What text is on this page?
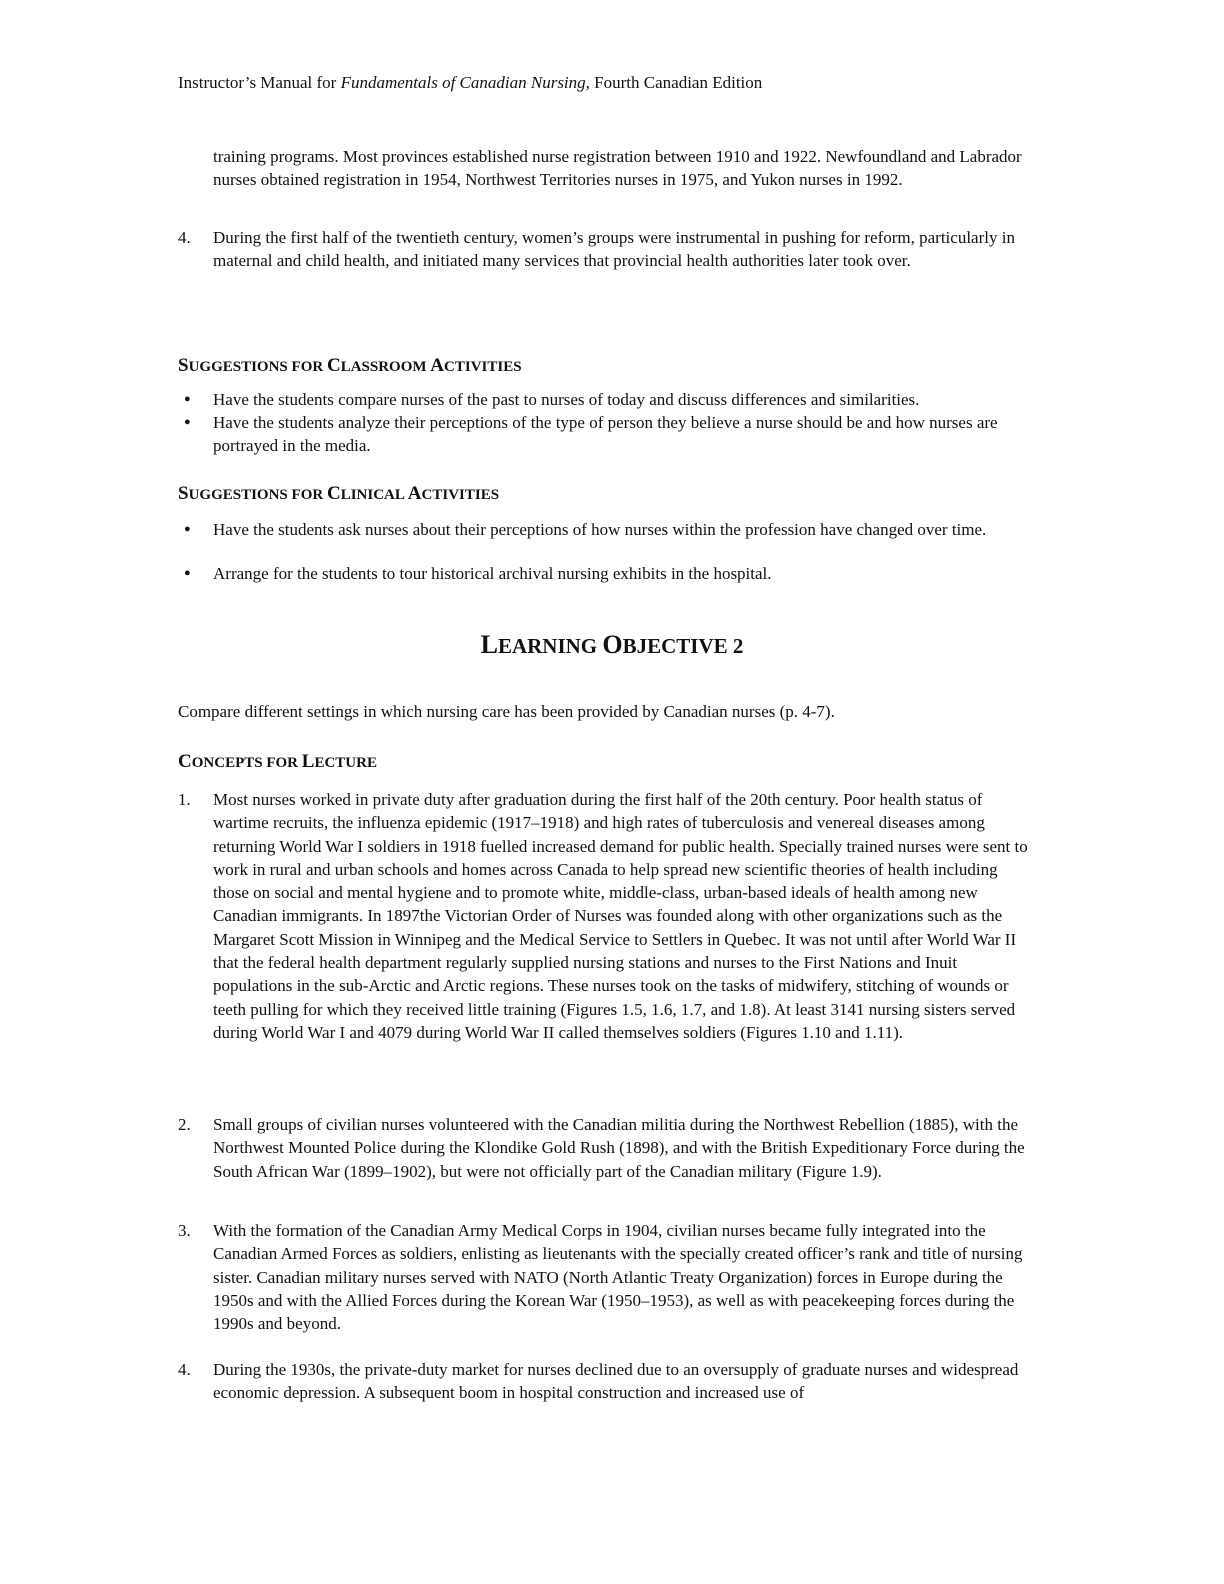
Instructor’s Manual for Fundamentals of Canadian Nursing, Fourth Canadian Edition
training programs. Most provinces established nurse registration between 1910 and 1922. Newfoundland and Labrador nurses obtained registration in 1954, Northwest Territories nurses in 1975, and Yukon nurses in 1992.
4. During the first half of the twentieth century, women’s groups were instrumental in pushing for reform, particularly in maternal and child health, and initiated many services that provincial health authorities later took over.
SUGGESTIONS FOR CLASSROOM ACTIVITIES
● Have the students compare nurses of the past to nurses of today and discuss differences and similarities.
● Have the students analyze their perceptions of the type of person they believe a nurse should be and how nurses are portrayed in the media.
SUGGESTIONS FOR CLINICAL ACTIVITIES
● Have the students ask nurses about their perceptions of how nurses within the profession have changed over time.
● Arrange for the students to tour historical archival nursing exhibits in the hospital.
LEARNING OBJECTIVE 2
Compare different settings in which nursing care has been provided by Canadian nurses (p. 4-7).
CONCEPTS FOR LECTURE
1. Most nurses worked in private duty after graduation during the first half of the 20th century. Poor health status of wartime recruits, the influenza epidemic (1917–1918) and high rates of tuberculosis and venereal diseases among returning World War I soldiers in 1918 fuelled increased demand for public health. Specially trained nurses were sent to work in rural and urban schools and homes across Canada to help spread new scientific theories of health including those on social and mental hygiene and to promote white, middle-class, urban-based ideals of health among new Canadian immigrants. In 1897the Victorian Order of Nurses was founded along with other organizations such as the Margaret Scott Mission in Winnipeg and the Medical Service to Settlers in Quebec. It was not until after World War II that the federal health department regularly supplied nursing stations and nurses to the First Nations and Inuit populations in the sub-Arctic and Arctic regions. These nurses took on the tasks of midwifery, stitching of wounds or teeth pulling for which they received little training (Figures 1.5, 1.6, 1.7, and 1.8). At least 3141 nursing sisters served during World War I and 4079 during World War II called themselves soldiers (Figures 1.10 and 1.11).
2. Small groups of civilian nurses volunteered with the Canadian militia during the Northwest Rebellion (1885), with the Northwest Mounted Police during the Klondike Gold Rush (1898), and with the British Expeditionary Force during the South African War (1899–1902), but were not officially part of the Canadian military (Figure 1.9).
3. With the formation of the Canadian Army Medical Corps in 1904, civilian nurses became fully integrated into the Canadian Armed Forces as soldiers, enlisting as lieutenants with the specially created officer’s rank and title of nursing sister. Canadian military nurses served with NATO (North Atlantic Treaty Organization) forces in Europe during the 1950s and with the Allied Forces during the Korean War (1950–1953), as well as with peacekeeping forces during the 1990s and beyond.
4. During the 1930s, the private-duty market for nurses declined due to an oversupply of graduate nurses and widespread economic depression. A subsequent boom in hospital construction and increased use of
